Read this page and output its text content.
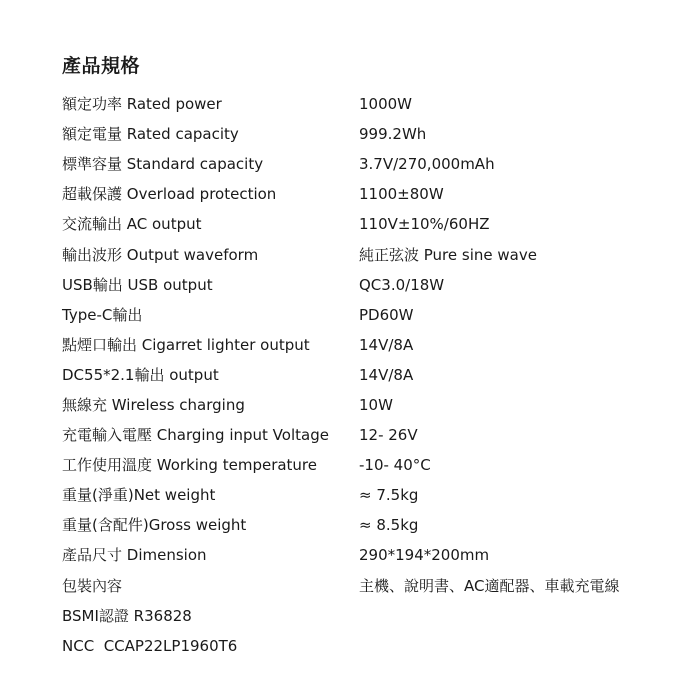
產品規格
額定功率 Rated power	1000W
額定電量 Rated capacity	999.2Wh
標準容量 Standard capacity	3.7V/270,000mAh
超載保護 Overload protection	1100±80W
交流輸出 AC output	110V±10%/60HZ
輸出波形 Output waveform	純正弦波 Pure sine wave
USB輸出 USB output	QC3.0/18W
Type-C輸出	PD60W
點煙口輸出 Cigarret lighter output	14V/8A
DC55*2.1輸出 output	14V/8A
無線充 Wireless charging	10W
充電輸入電壓 Charging input Voltage	12- 26V
工作使用溫度 Working temperature	-10- 40°C
重量(淨重)Net weight	≈ 7.5kg
重量(含配件)Gross weight	≈ 8.5kg
產品尺寸 Dimension	290*194*200mm
包裝內容	主機、說明書、AC適配器、車載充電線
BSMI認證 R36828
NCC  CCAP22LP1960T6
